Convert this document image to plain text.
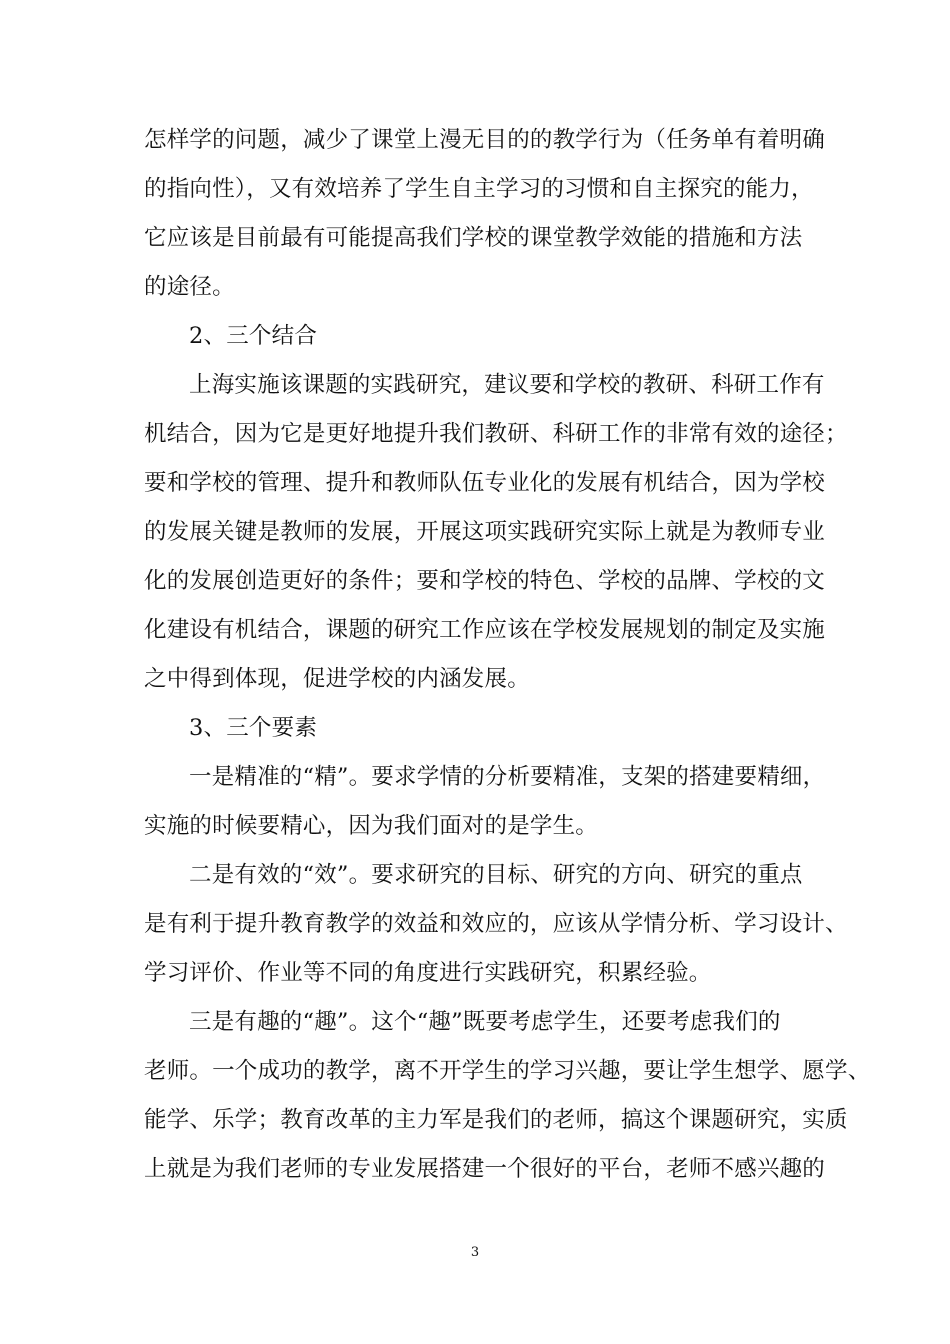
怎样学的问题，减少了课堂上漫无目的的教学行为（任务单有着明确
的指向性），又有效培养了学生自主学习的习惯和自主探究的能力，
它应该是目前最有可能提高我们学校的课堂教学效能的措施和方法
的途径。
2、三个结合
上海实施该课题的实践研究，建议要和学校的教研、科研工作有
机结合，因为它是更好地提升我们教研、科研工作的非常有效的途径；
要和学校的管理、提升和教师队伍专业化的发展有机结合，因为学校
的发展关键是教师的发展，开展这项实践研究实际上就是为教师专业
化的发展创造更好的条件；要和学校的特色、学校的品牌、学校的文
化建设有机结合，课题的研究工作应该在学校发展规划的制定及实施
之中得到体现，促进学校的内涵发展。
3、三个要素
一是精准的“精”。要求学情的分析要精准，支架的搭建要精细，
实施的时候要精心，因为我们面对的是学生。
二是有效的“效”。要求研究的目标、研究的方向、研究的重点
是有利于提升教育教学的效益和效应的，应该从学情分析、学习设计、
学习评价、作业等不同的角度进行实践研究，积累经验。
三是有趣的“趣”。这个“趣”既要考虑学生，还要考虑我们的
老师。一个成功的教学，离不开学生的学习兴趣，要让学生想学、愿学、
能学、乐学；教育改革的主力军是我们的老师，搞这个课题研究，实质
上就是为我们老师的专业发展搭建一个很好的平台，老师不感兴趣的
3
